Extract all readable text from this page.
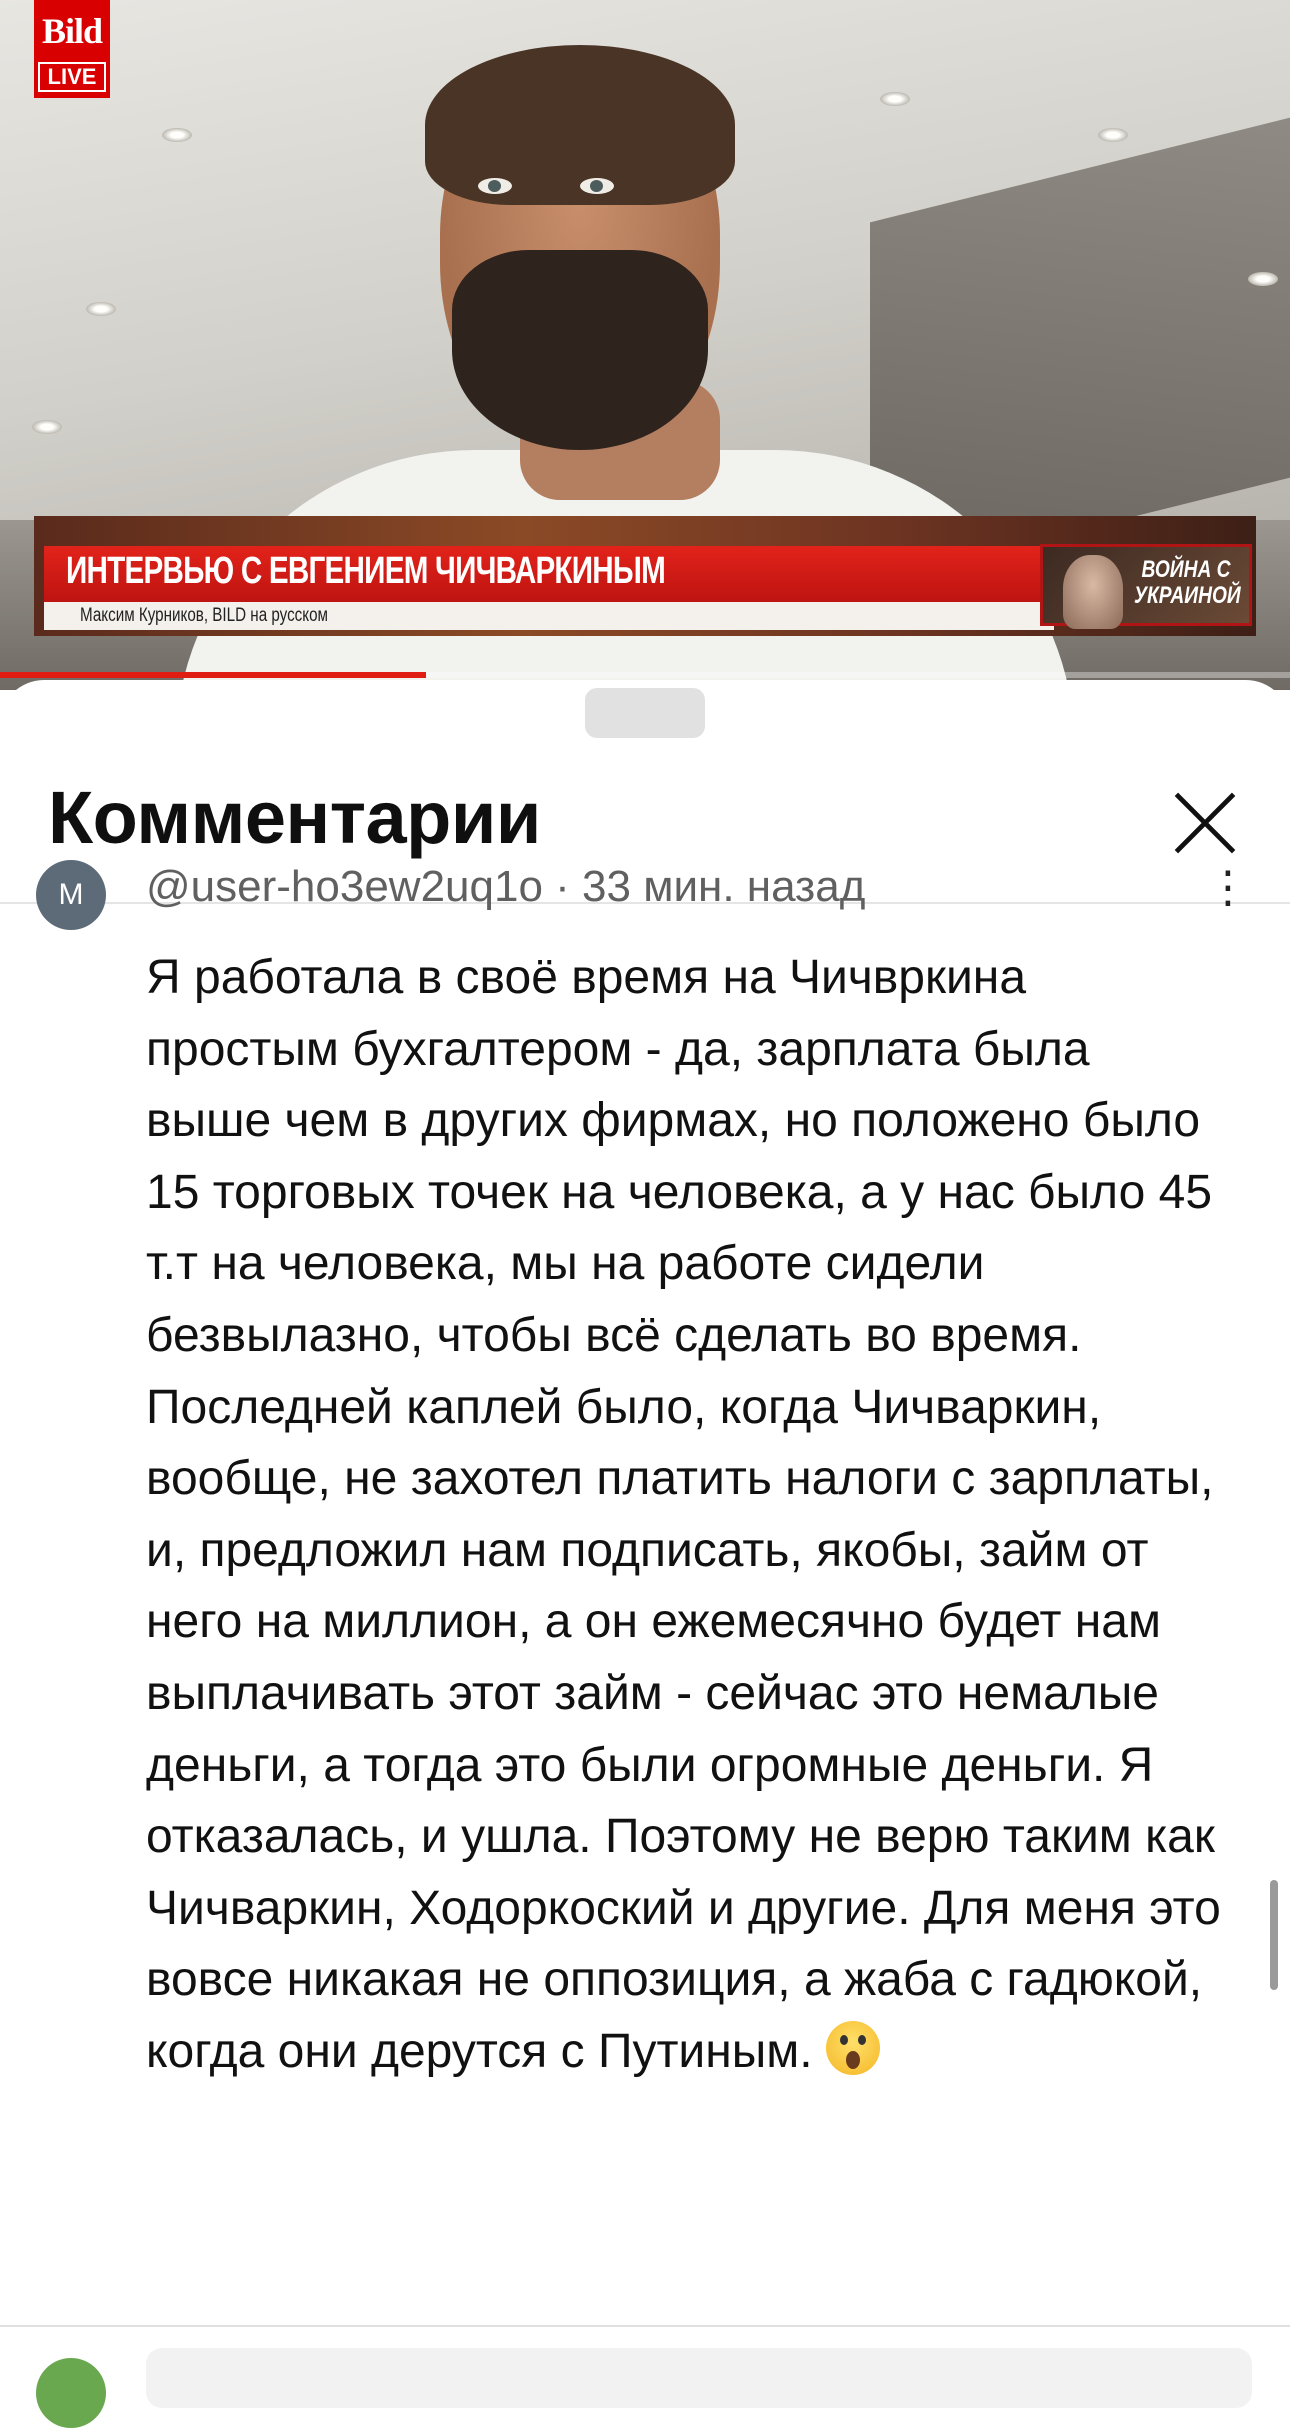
Bild
LIVE
ИНТЕРВЬЮ С ЕВГЕНИЕМ ЧИЧВАРКИНЫМ
Максим Курников, BILD на русском
ВОЙНА С УКРАИНОЙ
Комментарии
М	@user-ho3ew2uq1o · 33 мин. назад	⋮
Я работала в своё время на Чичвркина простым бухгалтером - да, зарплата была выше чем в других фирмах, но положено было 15 торговых точек на человека, а у нас было 45 т.т на человека, мы на работе сидели безвылазно, чтобы всё сделать во время. Последней каплей было, когда Чичваркин, вообще, не захотел платить налоги с зарплаты, и, предложил нам подписать, якобы, займ от него на миллион, а он ежемесячно будет нам выплачивать этот займ - сейчас это немалые деньги, а тогда это были огромные деньги. Я отказалась, и ушла. Поэтому не верю таким как Чичваркин, Ходоркоский и другие. Для меня это вовсе никакая не оппозиция, а жаба с гадюкой, когда они дерутся с Путиным.
